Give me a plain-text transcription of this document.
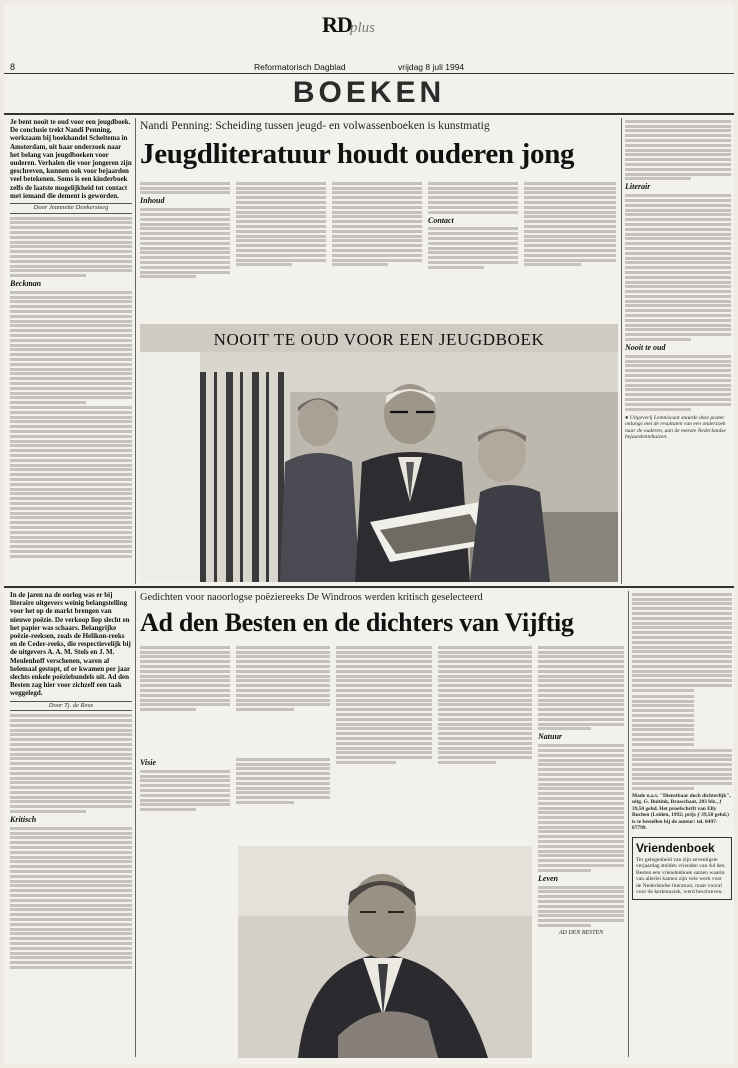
RD
plus
8	Reformatorisch Dagblad	vrijdag 8 juli 1994
BOEKEN
Je bent nooit te oud voor een jeugdboek. De conclusie trekt Nandi Penning, werkzaam bij boekhandel Scheltema in Amsterdam, uit haar onderzoek naar het belang van jeugdboeken voor ouderen. Verhalen die voor jongeren zijn geschreven, kunnen ook voor bejaarden veel betekenen. Soms is een kinderboek zelfs de laatste mogelijkheid tot contact met iemand die dement is geworden.
Door Jeannette Donkersteeg
Beckman
Nandi Penning: Scheiding tussen jeugd- en volwassenboeken is kunstmatig
Jeugdliteratuur houdt ouderen jong
Inhoud
Contact
Literair
Nooit te oud
● Uitgeverij Lemniscaat stuurde deze poster onlangs met de resultaten van een onderzoek naar de ouderen, aan de meeste Nederlandse bejaardentehuizen.
NOOIT TE OUD VOOR EEN JEUGDBOEK
In de jaren na de oorlog was er bij literaire uitgevers weinig belangstelling voor het op de markt brengen van nieuwe poëzie. De verkoop liep slecht en het papier was schaars. Belangrijke poëzie-reeksen, zoals de Helikon-reeks en de Ceder-reeks, die respectievelijk bij de uitgevers A. A. M. Stols en J. M. Meulenhoff verschenen, waren al helemaal gestopt, of er kwamen per jaar slechts enkele poëziebundels uit. Ad den Besten zag hier voor zichzelf een taak weggelegd.
Door Tj. de Reus
Kritisch
Gedichten voor naoorlogse poëziereeks De Windroos werden kritisch geselecteerd
Ad den Besten en de dichters van Vijftig
Visie
Natuur
Leven
AD DEN BESTEN
Made n.a.v. "Dienstbaar doch dichterlijk", uitg. G. Buitink, Brasschaat, 203 blz., ƒ 39,50 gebd. Het proefschrift van Elly Buchen (Leiden, 1992; prijs ƒ 39,50 gebd.) is te bestellen bij de auteur: tel. 0497-87799.
Vriendenboek
Ter gelegenheid van zijn zeventigste verjaardag stelden vrienden van Ad den Besten een vriendenboek samen waarin van allerlei kanten zijn vele werk voor de Nederlandse literatuur, maar vooral voor de kerkmuziek, werd beschreven.
